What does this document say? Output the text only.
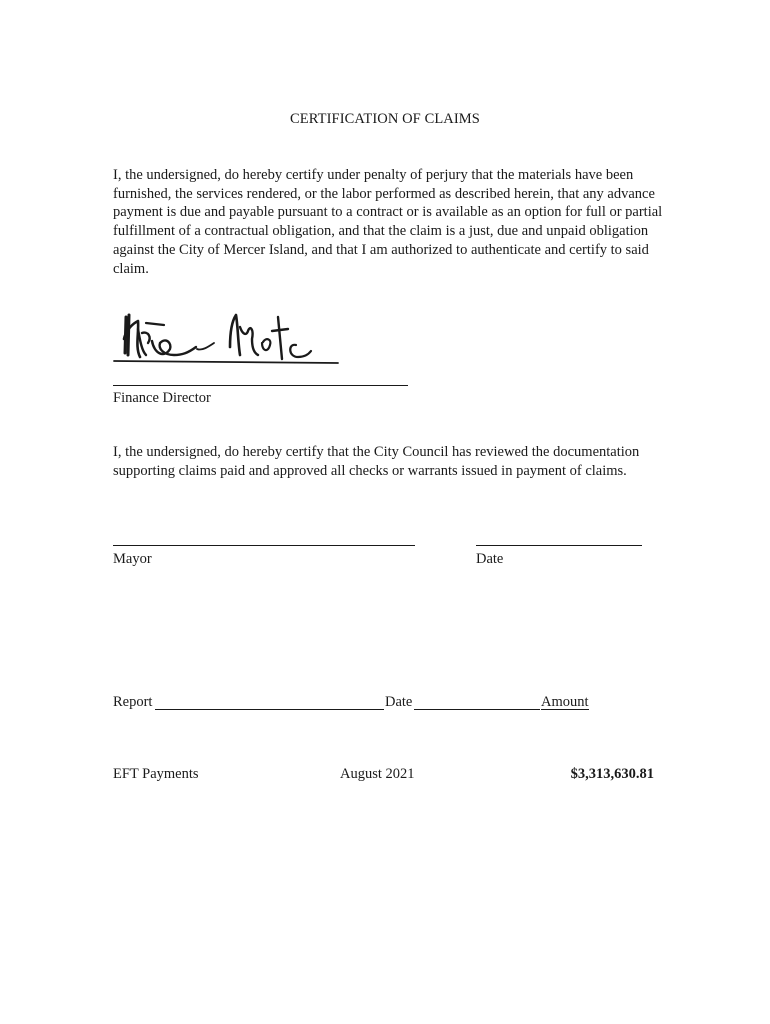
CERTIFICATION OF CLAIMS

I, the undersigned, do hereby certify under penalty of perjury that the materials have been furnished, the services rendered, or the labor performed as described herein, that any advance payment is due and payable pursuant to a contract or is available as an option for full or partial fulfillment of a contractual obligation, and that the claim is a just, due and unpaid obligation against the City of Mercer Island, and that I am authorized to authenticate and certify to said claim.

Finance Director

I, the undersigned, do hereby certify that the City Council has reviewed the documentation supporting claims paid and approved all checks or warrants issued in payment of claims.

Mayor	Date
Report	Date	Amount
EFT Payments	August 2021	$3,313,630.81
